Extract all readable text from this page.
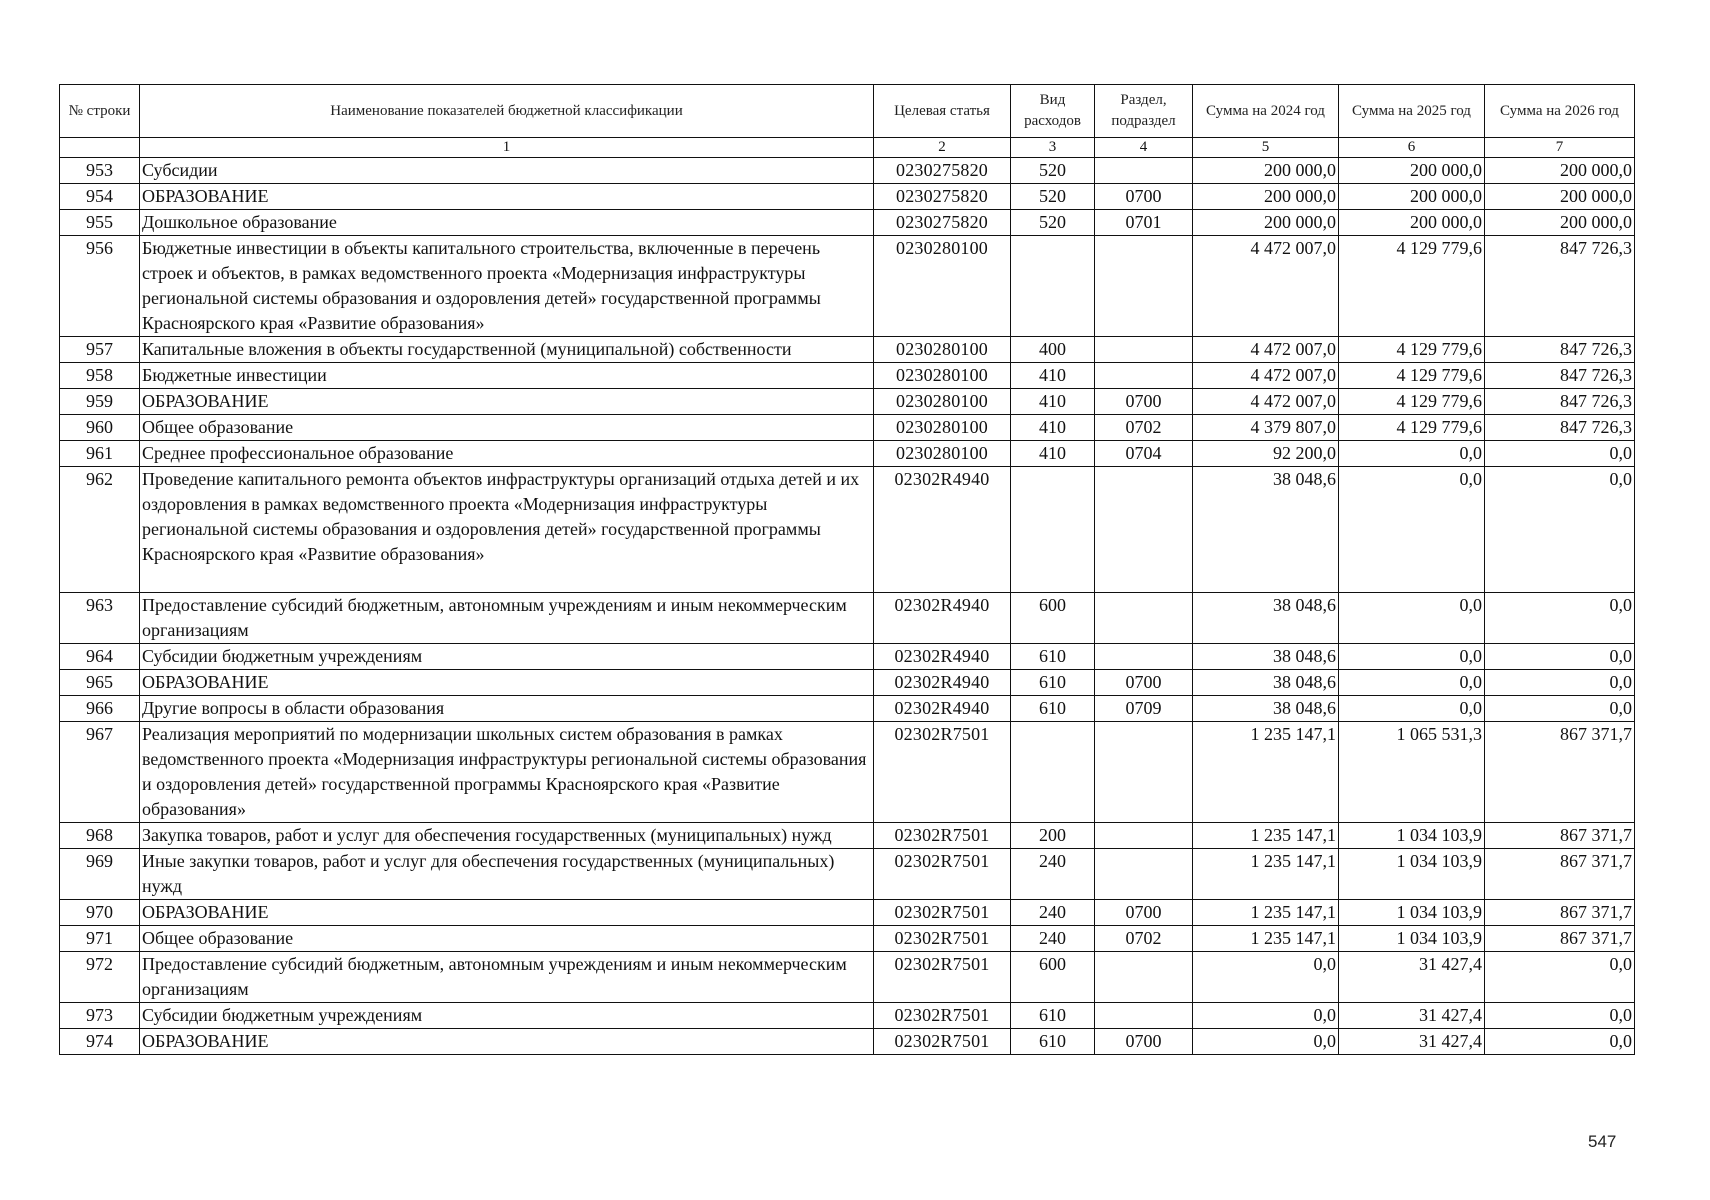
№ строки	Наименование показателей бюджетной классификации	Целевая статья	Вид расходов	Раздел, подраздел	Сумма на 2024 год	Сумма на 2025 год	Сумма на 2026 год
	1	2	3	4	5	6	7
953	Субсидии	0230275820	520		200 000,0	200 000,0	200 000,0
954	ОБРАЗОВАНИЕ	0230275820	520	0700	200 000,0	200 000,0	200 000,0
955	Дошкольное образование	0230275820	520	0701	200 000,0	200 000,0	200 000,0
956	Бюджетные инвестиции в объекты капитального строительства, включенные в перечень строек и объектов, в рамках ведомственного проекта «Модернизация инфраструктуры региональной системы образования и оздоровления детей» государственной программы Красноярского края «Развитие образования»	0230280100			4 472 007,0	4 129 779,6	847 726,3
957	Капитальные вложения в объекты государственной (муниципальной) собственности	0230280100	400		4 472 007,0	4 129 779,6	847 726,3
958	Бюджетные инвестиции	0230280100	410		4 472 007,0	4 129 779,6	847 726,3
959	ОБРАЗОВАНИЕ	0230280100	410	0700	4 472 007,0	4 129 779,6	847 726,3
960	Общее образование	0230280100	410	0702	4 379 807,0	4 129 779,6	847 726,3
961	Среднее профессиональное образование	0230280100	410	0704	92 200,0	0,0	0,0
962	Проведение капитального ремонта объектов инфраструктуры организаций отдыха детей и их оздоровления в рамках ведомственного проекта «Модернизация инфраструктуры региональной системы образования и оздоровления детей» государственной программы Красноярского края «Развитие образования»	02302R4940			38 048,6	0,0	0,0
963	Предоставление субсидий бюджетным, автономным учреждениям и иным некоммерческим организациям	02302R4940	600		38 048,6	0,0	0,0
964	Субсидии бюджетным учреждениям	02302R4940	610		38 048,6	0,0	0,0
965	ОБРАЗОВАНИЕ	02302R4940	610	0700	38 048,6	0,0	0,0
966	Другие вопросы в области образования	02302R4940	610	0709	38 048,6	0,0	0,0
967	Реализация мероприятий по модернизации школьных систем образования в рамках ведомственного проекта «Модернизация инфраструктуры региональной системы образования и оздоровления детей» государственной программы Красноярского края «Развитие образования»	02302R7501			1 235 147,1	1 065 531,3	867 371,7
968	Закупка товаров, работ и услуг для обеспечения государственных (муниципальных) нужд	02302R7501	200		1 235 147,1	1 034 103,9	867 371,7
969	Иные закупки товаров, работ и услуг для обеспечения государственных (муниципальных) нужд	02302R7501	240		1 235 147,1	1 034 103,9	867 371,7
970	ОБРАЗОВАНИЕ	02302R7501	240	0700	1 235 147,1	1 034 103,9	867 371,7
971	Общее образование	02302R7501	240	0702	1 235 147,1	1 034 103,9	867 371,7
972	Предоставление субсидий бюджетным, автономным учреждениям и иным некоммерческим организациям	02302R7501	600		0,0	31 427,4	0,0
973	Субсидии бюджетным учреждениям	02302R7501	610		0,0	31 427,4	0,0
974	ОБРАЗОВАНИЕ	02302R7501	610	0700	0,0	31 427,4	0,0
547
